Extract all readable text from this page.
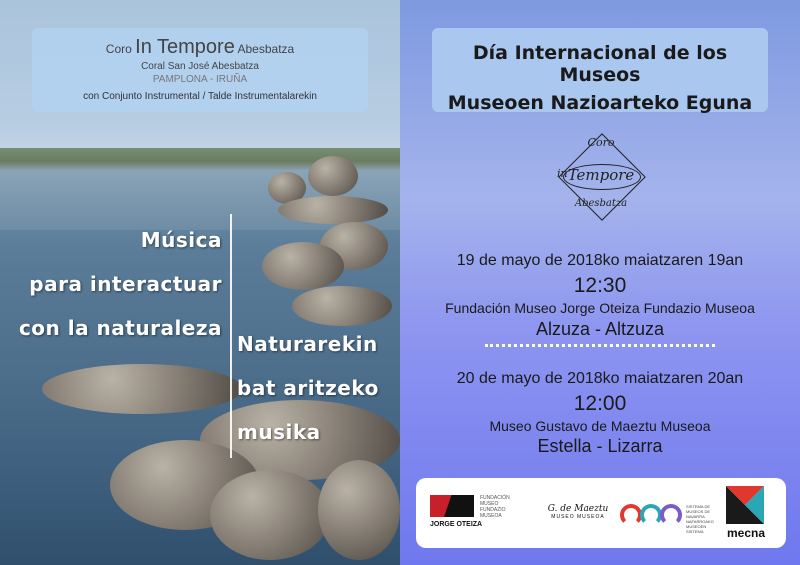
Coro In Tempore Abesbatza
Coral San José Abesbatza
PAMPLONA - IRUÑA
con Conjunto Instrumental / Talde Instrumentalarekin
Música
para interactuar
con la naturaleza
Naturarekin
bat aritzeko
musika
Día Internacional de los Museos
Museoen Nazioarteko Eguna
Coro
in Tempore
Abesbatza
19 de mayo de 2018ko maiatzaren 19an
12:30
Fundación Museo Jorge Oteiza Fundazio Museoa
Alzuza - Altzuza
20 de mayo de 2018ko maiatzaren 20an
12:00
Museo Gustavo de Maeztu Museoa
Estella - Lizarra
FUNDACIÓN MUSEO FUNDAZIO MUSEOA
JORGE OTEIZA
G. de Maeztu
MUSEO MUSEOA
SISTEMA DE MUSEOS DE NAVARRA NAFARROAKO MUSEOEN SISTEMA	mecna
